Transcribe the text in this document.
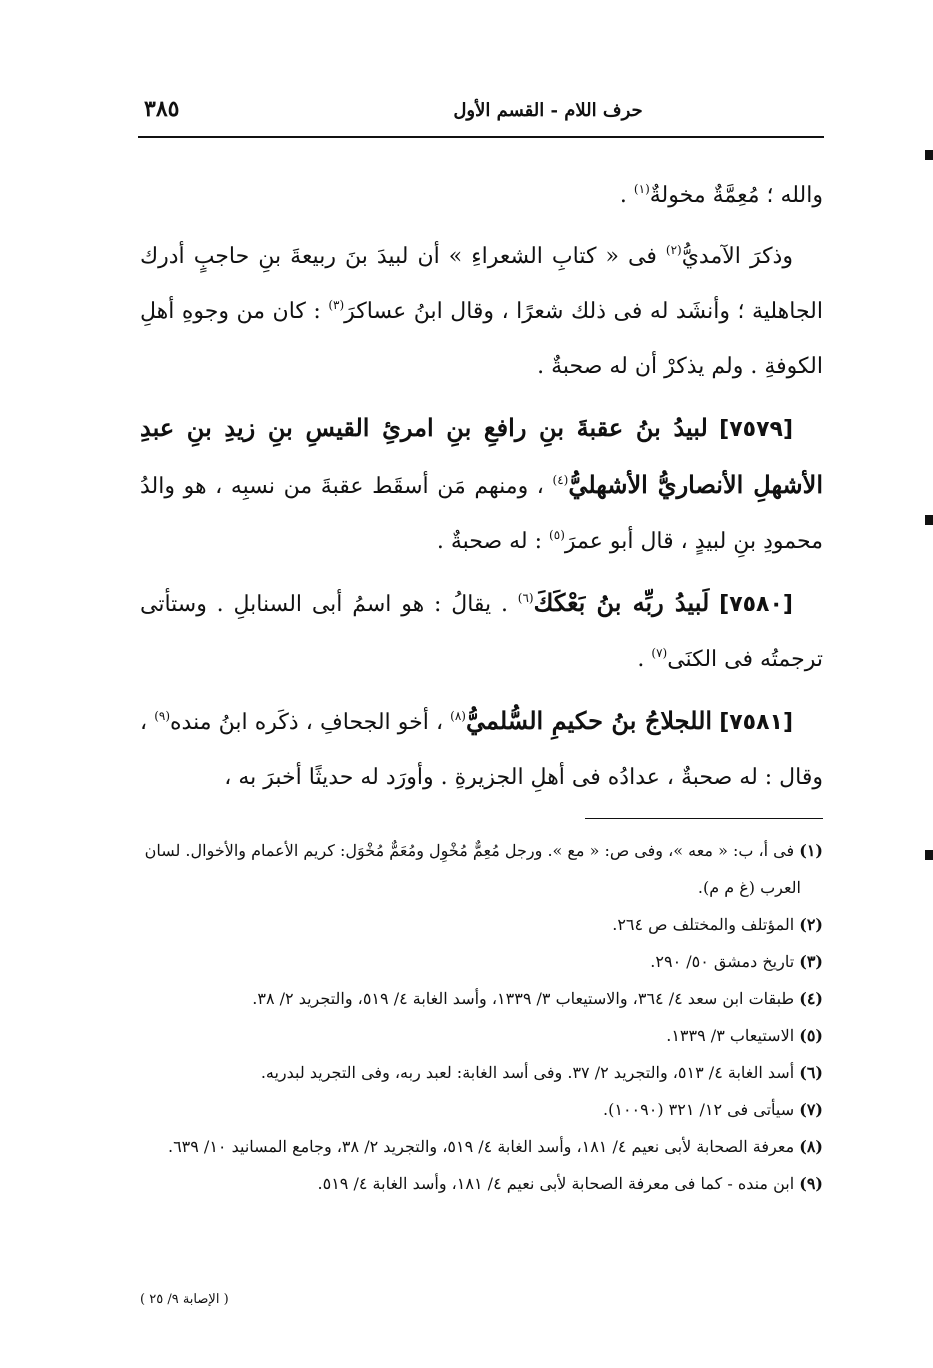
٣٨٥	حرف اللام - القسم الأول

والله ؛ مُعِمَّةٌ مخولةٌ$^{(١)}$ .

وذكرَ الآمديُّ$^{(٢)}$ فى « كتابِ الشعراءِ » أن لبيدَ بنَ ربيعةَ بنِ حاجبٍ أدرك الجاهلية ؛ وأنشَد له فى ذلك شعرًا ، وقال ابنُ عساكرَ$^{(٣)}$ : كان من وجوهِ أهلِ الكوفةِ . ولم يذكرْ أن له صحبةٌ .

[٧٥٧٩] لبيدُ بنُ عقبةَ بنِ رافعِ بنِ امرئِ القيسِ بنِ زيدِ بنِ عبدِ الأشهلِ الأنصاريُّ الأشهليُّ$^{(٤)}$ ، ومنهم مَن أسقَط عقبةَ من نسبِه ، هو والدُ محمودِ بنِ لبيدٍ ، قال أبو عمرَ$^{(٥)}$ : له صحبةٌ .

[٧٥٨٠] لَبيدُ ربِّه بنُ بَعْكَكَ$^{(٦)}$ . يقالُ : هو اسمُ أبى السنابلِ . وستأتى ترجمتُه فى الكنَى$^{(٧)}$ .

[٧٥٨١] اللجلاجُ بنُ حكيمِ السُّلميُّ$^{(٨)}$ ، أخو الجحافِ ، ذكَره ابنُ منده$^{(٩)}$ ، وقال : له صحبةٌ ، عدادُه فى أهلِ الجزيرةِ . وأورَد له حديثًا أخبرَ به ،

(١) فى أ، ب: « معه »، وفى ص: « مع ». ورجل مُعِمٌّ مُخْوِل ومُعَمٌّ مُخْوَل: كريم الأعمام والأخوال. لسان العرب (غ م م).

(٢) المؤتلف والمختلف ص ٢٦٤.

(٣) تاريخ دمشق ٥٠/ ٢٩٠.

(٤) طبقات ابن سعد ٤/ ٣٦٤، والاستيعاب ٣/ ١٣٣٩، وأسد الغابة ٤/ ٥١٩، والتجريد ٢/ ٣٨.

(٥) الاستيعاب ٣/ ١٣٣٩.

(٦) أسد الغابة ٤/ ٥١٣، والتجريد ٢/ ٣٧. وفى أسد الغابة: لعبد ربه، وفى التجريد لبدريه.

(٧) سيأتى فى ١٢/ ٣٢١ (١٠٠٩٠).

(٨) معرفة الصحابة لأبى نعيم ٤/ ١٨١، وأسد الغابة ٤/ ٥١٩، والتجريد ٢/ ٣٨، وجامع المسانيد ١٠/ ٦٣٩.

(٩) ابن منده - كما فى معرفة الصحابة لأبى نعيم ٤/ ١٨١، وأسد الغابة ٤/ ٥١٩.

( الإصابة ٩/ ٢٥ )
